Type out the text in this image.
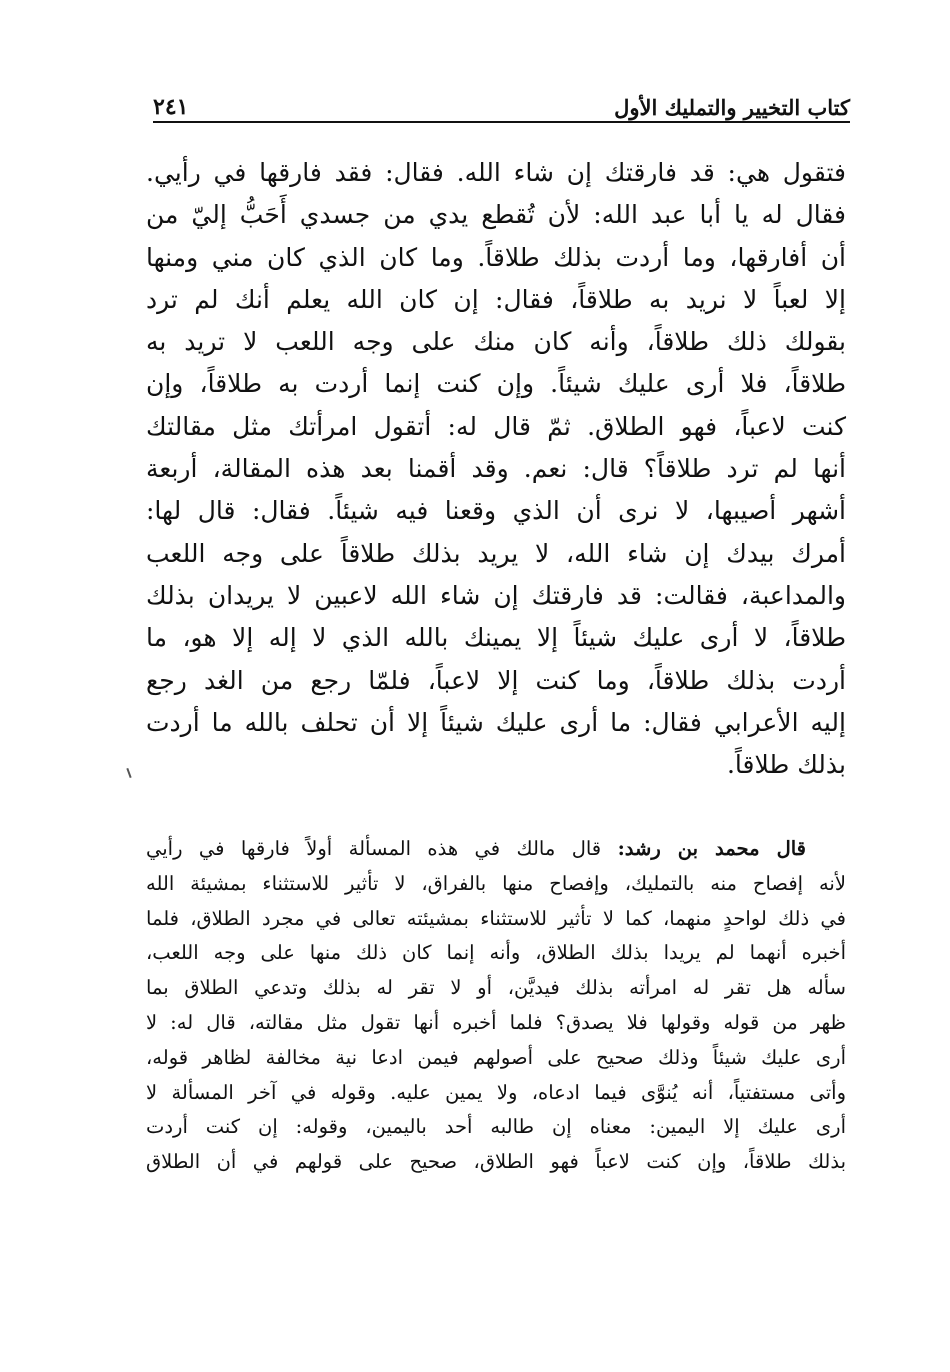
كتاب التخيير والتمليك الأول
٢٤١
فتقول هي: قد فارقتك إن شاء الله. فقال: فقد فارقها في رأيي.
فقال له يا أبا عبد الله: لأن تُقطع يدي من جسدي أَحَبُّ إليّ من
أن أفارقها، وما أردت بذلك طلاقاً. وما كان الذي كان مني ومنها
إلا لعباً لا نريد به طلاقاً، فقال: إن كان الله يعلم أنك لم ترد
بقولك ذلك طلاقاً، وأنه كان منك على وجه اللعب لا تريد به
طلاقاً، فلا أرى عليك شيئاً. وإن كنت إنما أردت به طلاقاً، وإن
كنت لاعباً، فهو الطلاق. ثمّ قال له: أتقول امرأتك مثل مقالتك
أنها لم ترد طلاقاً؟ قال: نعم. وقد أقمنا بعد هذه المقالة، أربعة
أشهر أصيبها، لا نرى أن الذي وقعنا فيه شيئاً. فقال: قال لها:
أمرك بيدك إن شاء الله، لا يريد بذلك طلاقاً على وجه اللعب
والمداعبة، فقالت: قد فارقتك إن شاء الله لاعبين لا يريدان بذلك
طلاقاً، لا أرى عليك شيئاً إلا يمينك بالله الذي لا إله إلا هو، ما
أردت بذلك طلاقاً، وما كنت إلا لاعباً، فلمّا رجع من الغد رجع
إليه الأعرابي فقال: ما أرى عليك شيئاً إلا أن تحلف بالله ما أردت
بذلك طلاقاً.
قال محمد بن رشد: قال مالك في هذه المسألة أولاً فارقها في رأيي
لأنه إفصاح منه بالتمليك، وإفصاح منها بالفراق، لا تأثير للاستثناء بمشيئة الله
في ذلك لواحدٍ منهما، كما لا تأثير للاستثناء بمشيئته تعالى في مجرد الطلاق، فلما
أخبره أنهما لم يريدا بذلك الطلاق، وأنه إنما كان ذلك منها على وجه اللعب،
سأله هل تقر له امرأته بذلك فيديَّن، أو لا تقر له بذلك وتدعي الطلاق بما
ظهر من قوله وقولها فلا يصدق؟ فلما أخبره أنها تقول مثل مقالته، قال له: لا
أرى عليك شيئاً وذلك صحيح على أصولهم فيمن ادعا نية مخالفة لظاهر قوله،
وأتى مستفتياً، أنه يُنوَّى فيما ادعاه، ولا يمين عليه. وقوله في آخر المسألة لا
أرى عليك إلا اليمين: معناه إن طالبه أحد باليمين، وقوله: إن كنت أردت
بذلك طلاقاً، وإن كنت لاعباً فهو الطلاق، صحيح على قولهم في أن الطلاق
